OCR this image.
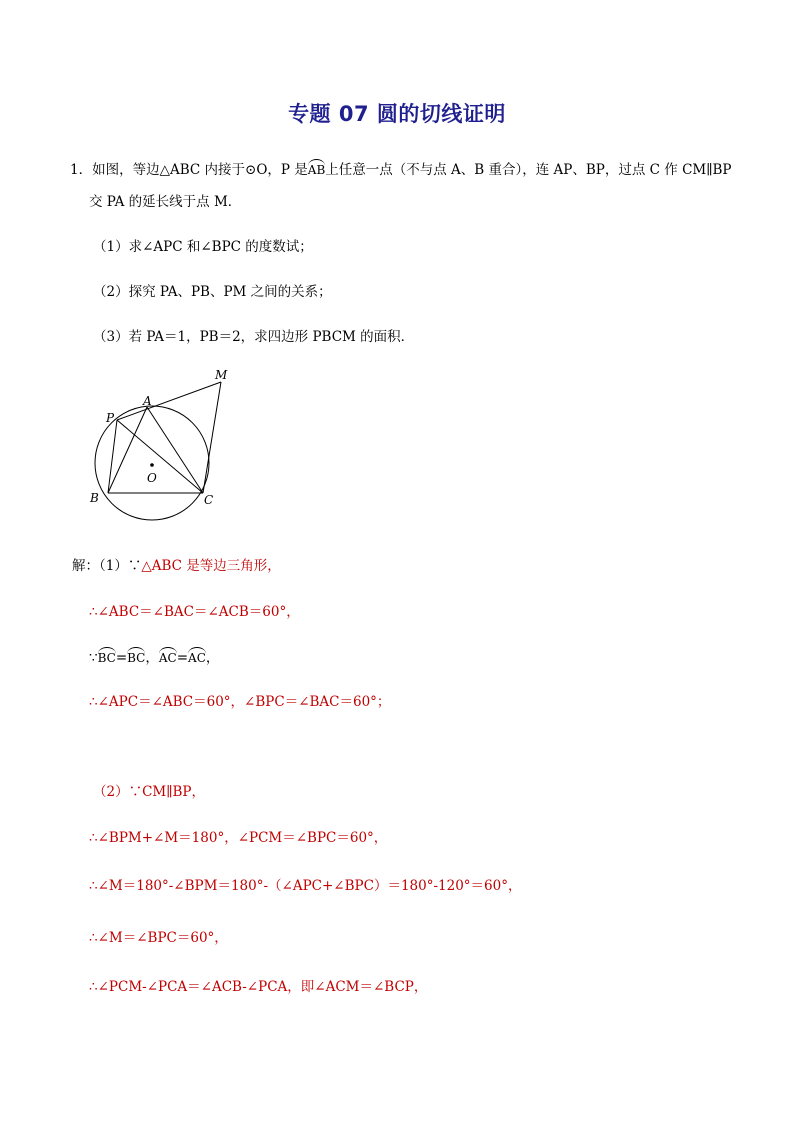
专题 07 圆的切线证明
1．如图，等边△ABC 内接于⊙O，P 是AB上任意一点（不与点 A、B 重合），连 AP、BP，过点 C 作 CM∥BP
交 PA 的延长线于点 M．
（1）求∠APC 和∠BPC 的度数试；
（2）探究 PA、PB、PM 之间的关系；
（3）若 PA＝1，PB＝2，求四边形 PBCM 的面积．
M
A
P
O
B	C
解：（1）∵△ABC 是等边三角形，
∴∠ABC＝∠BAC＝∠ACB＝60°，
∵BC=BC，AC=AC，
∴∠APC＝∠ABC＝60°，∠BPC＝∠BAC＝60°；
（2）∵CM∥BP，
∴∠BPM+∠M＝180°，∠PCM＝∠BPC＝60°，
∴∠M＝180°-∠BPM＝180°-（∠APC+∠BPC）＝180°-120°＝60°，
∴∠M＝∠BPC＝60°，
∴∠PCM-∠PCA＝∠ACB-∠PCA，即∠ACM＝∠BCP，
